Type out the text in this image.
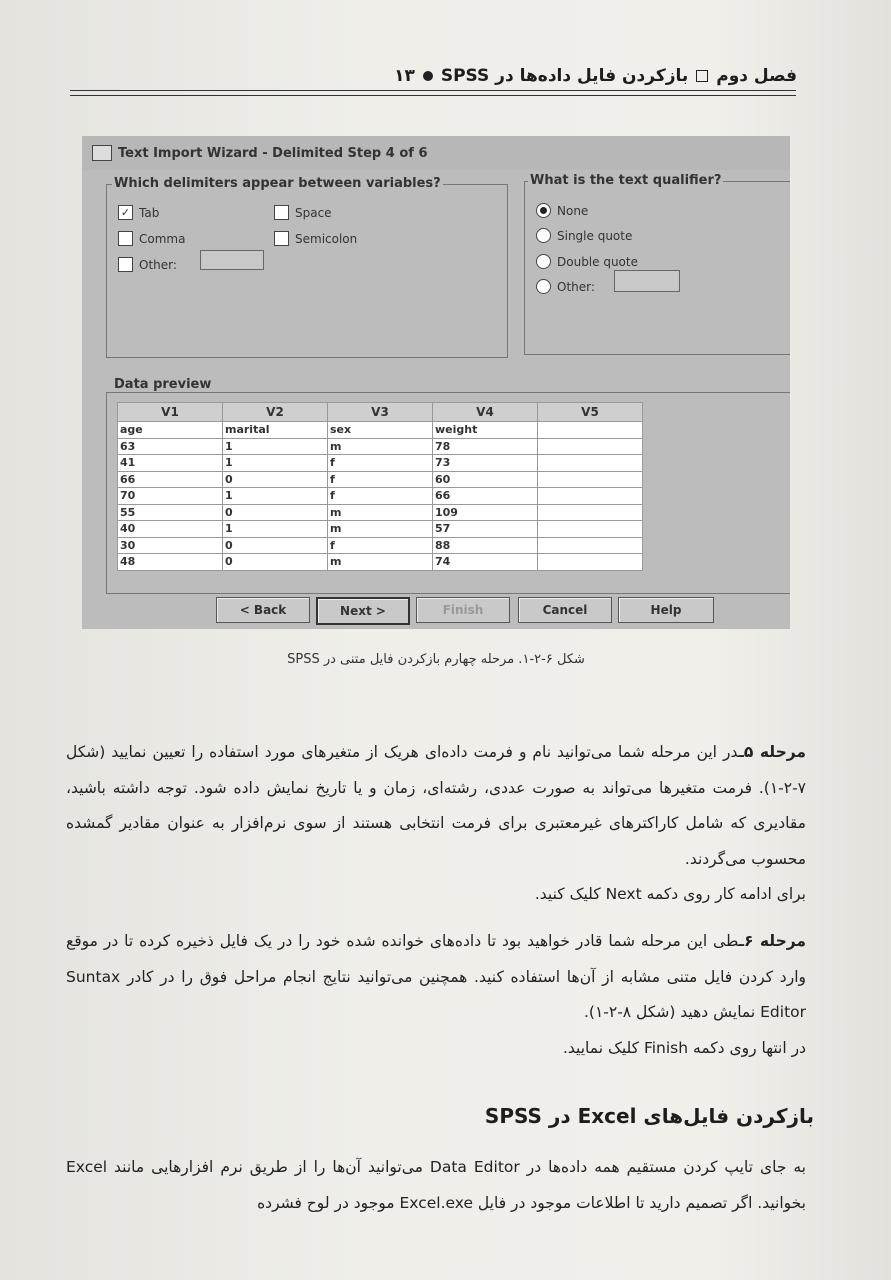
فصل دوم
بازکردن فایل داده‌ها در SPSS
۱۳
Text Import Wizard - Delimited Step 4 of 6
Which delimiters appear between variables?
✓ Tab	Space
Comma	Semicolon
Other:
What is the text qualifier?
None
Single quote
Double quote
Other:
Data preview
V1	V2	V3	V4	V5
age	marital	sex	weight	
63	1	m	78	
41	1	f	73	
66	0	f	60	
70	1	f	66	
55	0	m	109	
40	1	m	57	
30	0	f	88	
48	0	m	74	
< Back	Next >	Finish	Cancel	Help
شکل ۶-۲-۱. مرحله چهارم بازکردن فایل متنی در SPSS
مرحله ۵ـدر این مرحله شما می‌توانید نام و فرمت داده‌ای هریک از متغیرهای مورد استفاده را تعیین نمایید (شکل ۷-۲-۱). فرمت متغیرها می‌تواند به صورت عددی، رشته‌ای، زمان و یا تاریخ نمایش داده شود. توجه داشته باشید، مقادیری که شامل کاراکترهای غیرمعتبری برای فرمت انتخابی هستند از سوی نرم‌افزار به عنوان مقادیر گمشده محسوب می‌گردند.
برای ادامه کار روی دکمه Next کلیک کنید.
مرحله ۶ـطی این مرحله شما قادر خواهید بود تا داده‌های خوانده شده خود را در یک فایل ذخیره کرده تا در موقع وارد کردن فایل متنی مشابه از آن‌ها استفاده کنید. همچنین می‌توانید نتایج انجام مراحل فوق را در کادر Suntax Editor نمایش دهید (شکل ۸-۲-۱).
در انتها روی دکمه Finish کلیک نمایید.
بازکردن فایل‌های Excel در SPSS
به جای تایپ کردن مستقیم همه داده‌ها در Data Editor می‌توانید آن‌ها را از طریق نرم افزارهایی مانند Excel بخوانید. اگر تصمیم دارید تا اطلاعات موجود در فایل Excel.exe موجود در لوح فشرده
